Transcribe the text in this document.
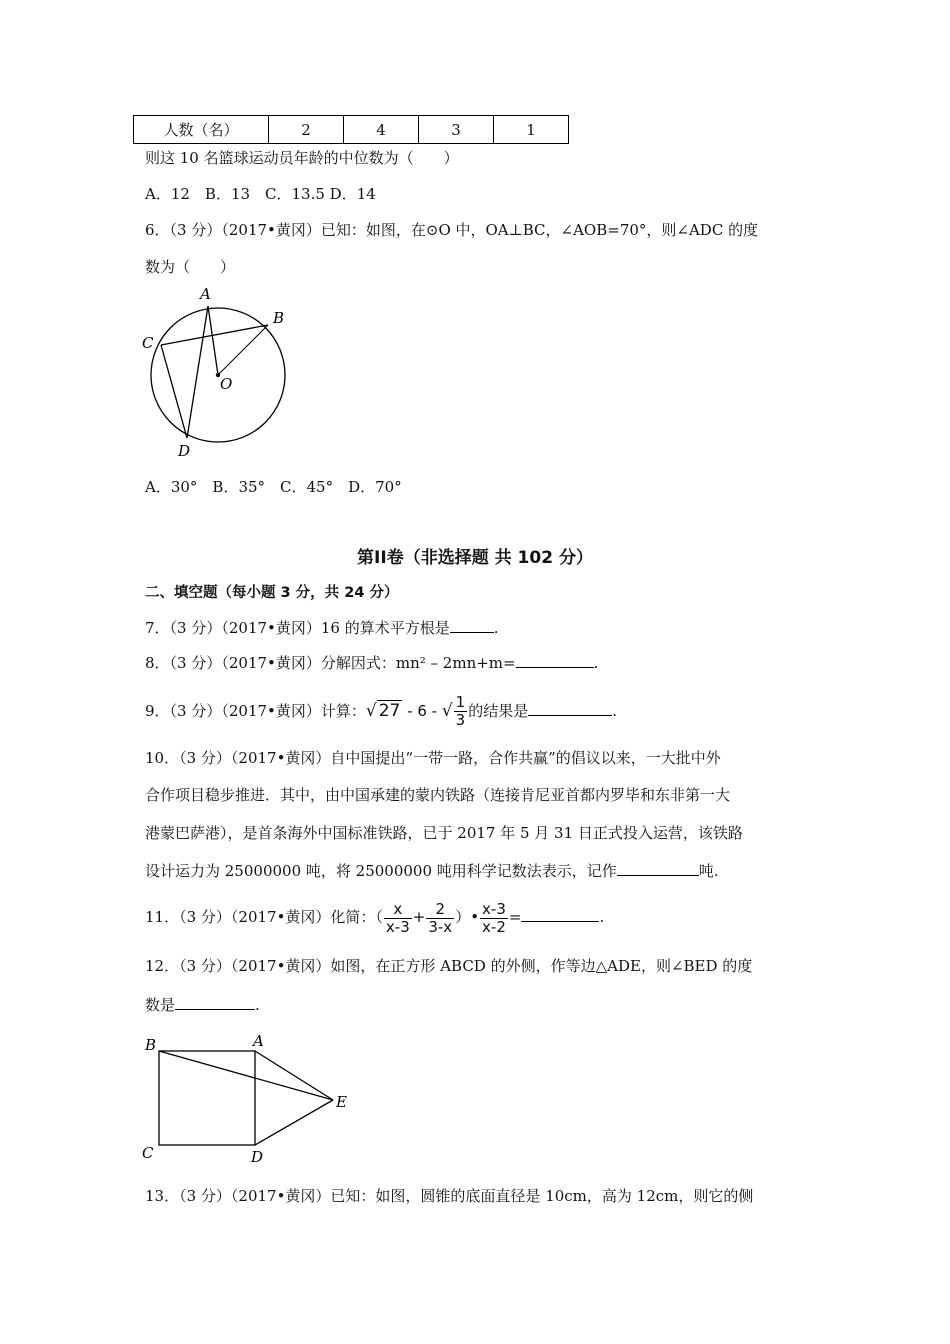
人数（名）	2	4	3	1
则这 10 名篮球运动员年龄的中位数为（　　）
A．12　B．13　C．13.5 D．14
6．（3 分）（2017•黄冈）已知：如图，在⊙O 中，OA⊥BC，∠AOB=70°，则∠ADC 的度
数为（　　）
A
B
C
O
D
A．30°　B．35°　C．45°　D．70°
第II卷（非选择题 共 102 分）
二、填空题（每小题 3 分，共 24 分）
7．（3 分）（2017•黄冈）16 的算术平方根是	.
8．（3 分）（2017•黄冈）分解因式：mn² – 2mn+m=	.
9．（3 分）（2017•黄冈）计算：√ 27 - 6 - √ $\frac{1}{3}$ 的结果是	.
10．（3 分）（2017•黄冈）自中国提出“一带一路，合作共赢”的倡议以来，一大批中外
合作项目稳步推进．其中，由中国承建的蒙内铁路（连接肯尼亚首都内罗毕和东非第一大
港蒙巴萨港），是首条海外中国标准铁路，已于 2017 年 5 月 31 日正式投入运营，该铁路
设计运力为 25000000 吨，将 25000000 吨用科学记数法表示，记作	吨.
11．（3 分）（2017•黄冈）化简：（ $\frac{x}{x-3} + \frac{2}{3-x}$ ）• $\frac{x-3}{x-2}$ =	.
12．（3 分）（2017•黄冈）如图，在正方形 ABCD 的外侧，作等边△ADE，则∠BED 的度
数是	.
B	A
E
C	D
13．（3 分）（2017•黄冈）已知：如图，圆锥的底面直径是 10cm，高为 12cm，则它的侧
